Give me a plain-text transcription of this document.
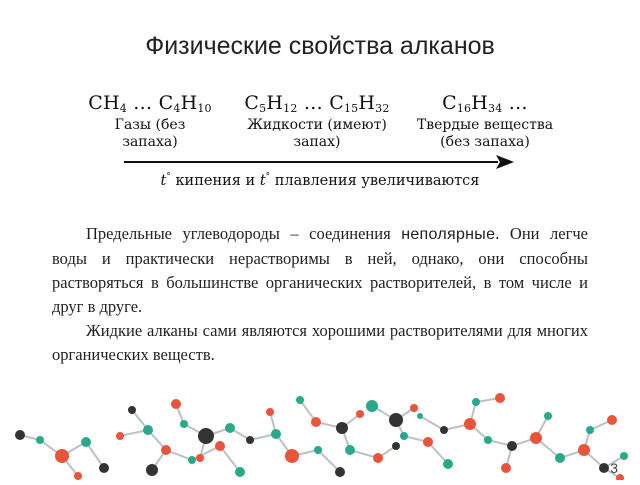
Физические свойства алканов
$CH_4$ … $C_4H_{10}$
Газы (без
запаха)
$C_5H_{12}$ … $C_{15}H_{32}$
Жидкости (имеют)
запах)
$C_{16}H_{34}$ …
Твердые вещества
(без запаха)
t° кипения и t° плавления увеличиваются

Предельные углеводороды – соединения неполярные. Они легче воды и практически нерастворимы в ней, однако, они способны растворяться в большинстве органических растворителей, в том числе и друг в друге.

Жидкие алканы сами являются хорошими растворителями для многих органических веществ.

3
